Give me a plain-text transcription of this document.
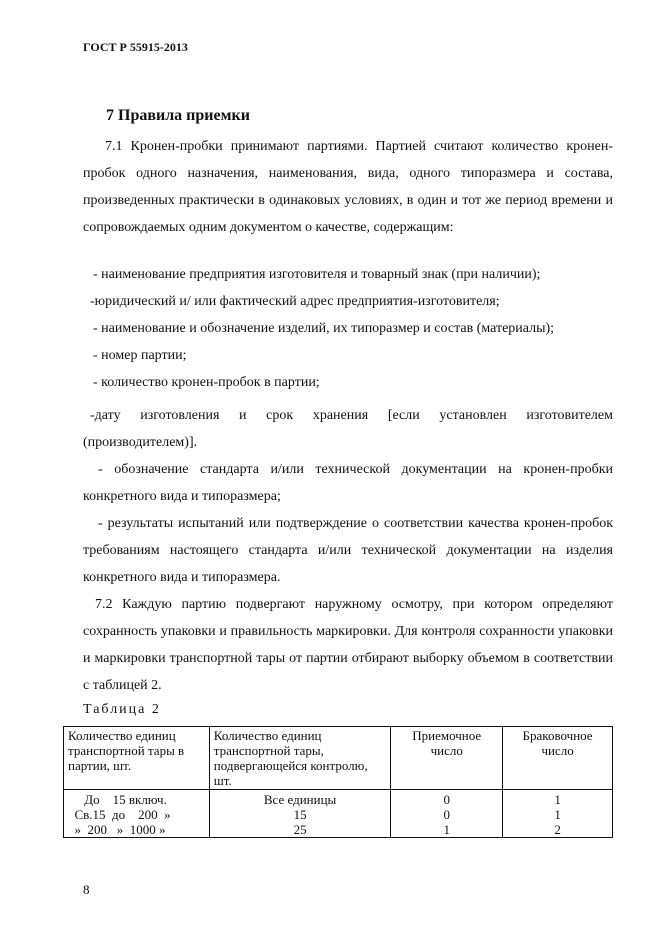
ГОСТ Р 55915-2013
7 Правила приемки
7.1 Кронен-пробки принимают партиями. Партией считают количество кронен-пробок одного назначения, наименования, вида, одного типоразмера и состава, произведенных практически в одинаковых условиях, в один и тот же период времени и сопровождаемых одним документом о качестве, содержащим:
- наименование предприятия изготовителя и товарный знак (при наличии);
-юридический и/ или фактический адрес предприятия-изготовителя;
- наименование и обозначение изделий, их типоразмер и состав (материалы);
- номер партии;
- количество кронен-пробок в партии;
-дату изготовления и срок хранения [если установлен изготовителем (производителем)].
- обозначение стандарта и/или технической документации на кронен-пробки конкретного вида и типоразмера;
- результаты испытаний или подтверждение о соответствии качества кронен-пробок требованиям настоящего стандарта и/или технической документации на изделия конкретного вида и типоразмера.
7.2 Каждую партию подвергают наружному осмотру, при котором определяют сохранность упаковки и правильность маркировки. Для контроля сохранности упаковки и маркировки транспортной тары от партии отбирают выборку объемом в соответствии с таблицей 2.
Таблица 2
Количество единиц транспортной тары в партии, шт.	Количество единиц транспортной тары, подвергающейся контролю, шт.	Приемочное число	Браковочное число
До    15 включ.	Все единицы	0	1
Св.15  до    200  »	15	0	1
»  200   »  1000 »	25	1	2
8
